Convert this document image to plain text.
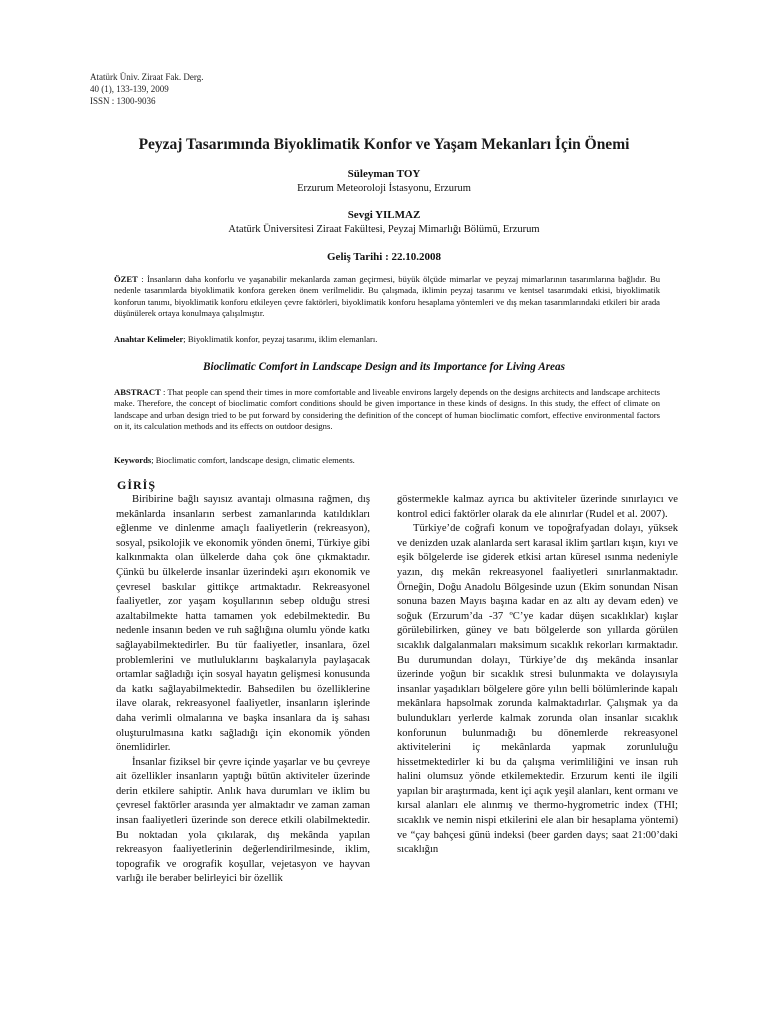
Atatürk Üniv. Ziraat Fak. Derg.
40 (1), 133-139, 2009
ISSN : 1300-9036
Peyzaj Tasarımında Biyoklimatik Konfor ve Yaşam Mekanları İçin Önemi
Süleyman TOY
Erzurum Meteoroloji İstasyonu, Erzurum
Sevgi YILMAZ
Atatürk Üniversitesi Ziraat Fakültesi, Peyzaj Mimarlığı Bölümü, Erzurum
Geliş Tarihi : 22.10.2008
ÖZET : İnsanların daha konforlu ve yaşanabilir mekanlarda zaman geçirmesi, büyük ölçüde mimarlar ve peyzaj mimarlarının tasarımlarına bağlıdır. Bu nedenle tasarımlarda biyoklimatik konfora gereken önem verilmelidir. Bu çalışmada, iklimin peyzaj tasarımı ve kentsel tasarımdaki etkisi, biyoklimatik konforun tanımı, biyoklimatik konforu etkileyen çevre faktörleri, biyoklimatik konforu hesaplama yöntemleri ve dış mekan tasarımlarındaki etkileri bir arada düşünülerek ortaya konulmaya çalışılmıştır.
Anahtar Kelimeler; Biyoklimatik konfor, peyzaj tasarımı, iklim elemanları.
Bioclimatic Comfort in Landscape Design and its Importance for Living Areas
ABSTRACT : That people can spend their times in more comfortable and liveable environs largely depends on the designs architects and landscape architects make. Therefore, the concept of bioclimatic comfort conditions should be given importance in these kinds of designs. In this study, the effect of climate on landscape and urban design tried to be put forward by considering the definition of the concept of human bioclimatic comfort, effective environmental factors on it, its calculation methods and its effects on outdoor designs.
Keywords; Bioclimatic comfort, landscape design, climatic elements.
GİRİŞ

Biribirine bağlı sayısız avantajı olmasına rağmen, dış mekânlarda insanların serbest zamanlarında katıldıkları eğlenme ve dinlenme amaçlı faaliyetlerin (rekreasyon), sosyal, psikolojik ve ekonomik yönden önemi, Türkiye gibi kalkınmakta olan ülkelerde daha çok öne çıkmaktadır. Çünkü bu ülkelerde insanlar üzerindeki aşırı ekonomik ve çevresel baskılar gittikçe artmaktadır. Rekreasyonel faaliyetler, zor yaşam koşullarının sebep olduğu stresi azaltabilmekte hatta tamamen yok edebilmektedir. Bu nedenle insanın beden ve ruh sağlığına olumlu yönde katkı sağlayabilmektedirler. Bu tür faaliyetler, insanlara, özel problemlerini ve mutluluklarını başkalarıyla paylaşacak ortamlar sağladığı için sosyal hayatın gelişmesi konusunda da katkı sağlayabilmektedir. Bahsedilen bu özelliklerine ilave olarak, rekreasyonel faaliyetler, insanların işlerinde daha verimli olmalarına ve başka insanlara da iş sahası oluşturulmasına katkı sağladığı için ekonomik yönden önemlidirler.

İnsanlar fiziksel bir çevre içinde yaşarlar ve bu çevreye ait özellikler insanların yaptığı bütün aktiviteler üzerinde derin etkilere sahiptir. Anlık hava durumları ve iklim bu çevresel faktörler arasında yer almaktadır ve zaman zaman insan faaliyetleri üzerinde son derece etkili olabilmektedir. Bu noktadan yola çıkılarak, dış mekânda yapılan rekreasyon faaliyetlerinin değerlendirilmesinde, iklim, topografik ve orografik koşullar, vejetasyon ve hayvan varlığı ile beraber belirleyici bir özellik

göstermekle kalmaz ayrıca bu aktiviteler üzerinde sınırlayıcı ve kontrol edici faktörler olarak da ele alınırlar (Rudel et al. 2007).

Türkiye’de coğrafi konum ve topoğrafyadan dolayı, yüksek ve denizden uzak alanlarda sert karasal iklim şartları kışın, kıyı ve eşik bölgelerde ise giderek etkisi artan küresel ısınma nedeniyle yazın, dış mekân rekreasyonel faaliyetleri sınırlanmaktadır. Örneğin, Doğu Anadolu Bölgesinde uzun (Ekim sonundan Nisan sonuna bazen Mayıs başına kadar en az altı ay devam eden) ve soğuk (Erzurum’da -37 ºC’ye kadar düşen sıcaklıklar) kışlar görülebilirken, güney ve batı bölgelerde son yıllarda görülen sıcaklık dalgalanmaları maksimum sıcaklık rekorları kırmaktadır. Bu durumundan dolayı, Türkiye’de dış mekânda insanlar üzerinde yoğun bir sıcaklık stresi bulunmakta ve dolayısıyla insanlar yaşadıkları bölgelere göre yılın belli bölümlerinde kapalı mekânlara hapsolmak zorunda kalmaktadırlar. Çalışmak ya da bulundukları yerlerde kalmak zorunda olan insanlar sıcaklık konforunun bulunmadığı bu dönemlerde rekreasyonel aktivitelerini iç mekânlarda yapmak zorunluluğu hissetmektedirler ki bu da çalışma verimliliğini ve insan ruh halini olumsuz yönde etkilemektedir. Erzurum kenti ile ilgili yapılan bir araştırmada, kent içi açık yeşil alanları, kent ormanı ve kırsal alanları ele alınmış ve thermo-hygrometric index (THI; sıcaklık ve nemin nispi etkilerini ele alan bir hesaplama yöntemi) ve “çay bahçesi günü indeksi (beer garden days; saat 21:00’daki sıcaklığın
